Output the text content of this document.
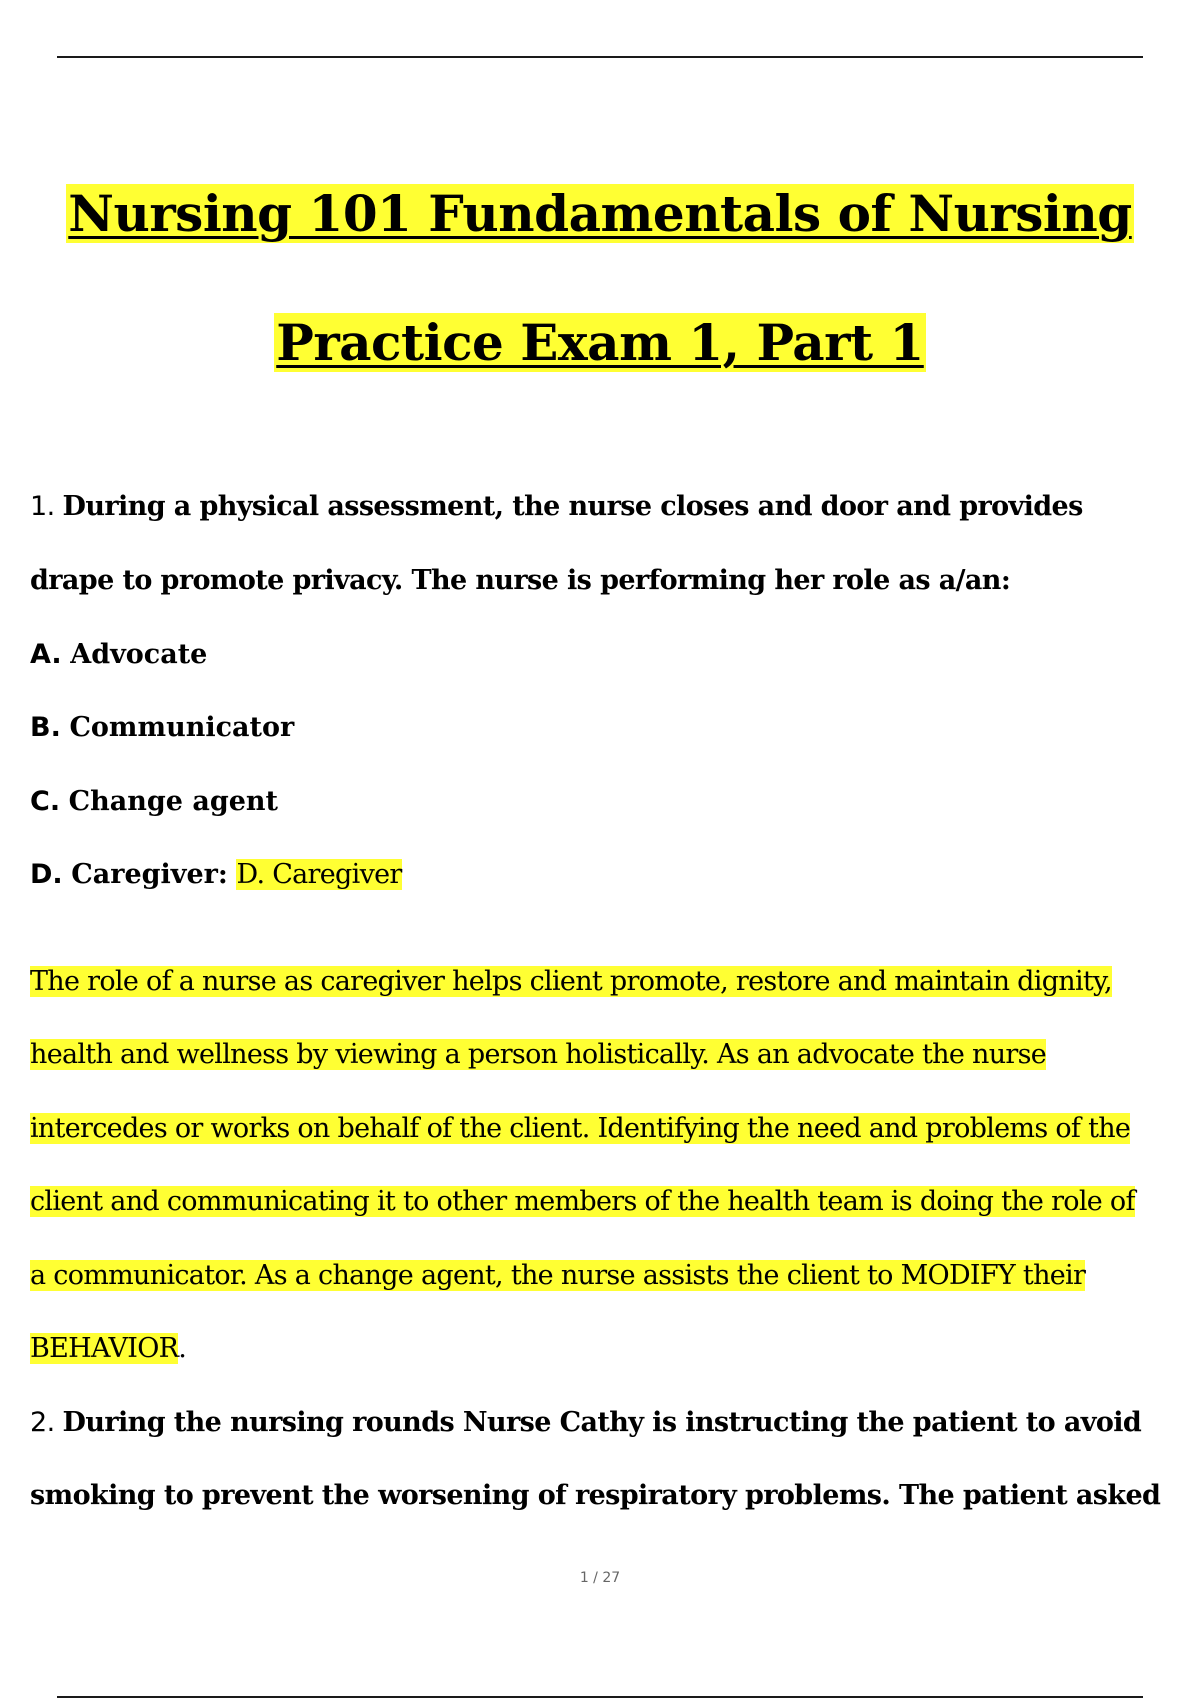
Nursing 101 Fundamentals of Nursing
Practice Exam 1, Part 1
1. During a physical assessment, the nurse closes and door and provides
drape to promote privacy. The nurse is performing her role as a/an:
A. Advocate
B. Communicator
C. Change agent
D. Caregiver: D. Caregiver
The role of a nurse as caregiver helps client promote, restore and maintain dignity,
health and wellness by viewing a person holistically. As an advocate the nurse
intercedes or works on behalf of the client. Identifying the need and problems of the
client and communicating it to other members of the health team is doing the role of
a communicator. As a change agent, the nurse assists the client to MODIFY their
BEHAVIOR.
2. During the nursing rounds Nurse Cathy is instructing the patient to avoid
smoking to prevent the worsening of respiratory problems. The patient asked
1 / 27
